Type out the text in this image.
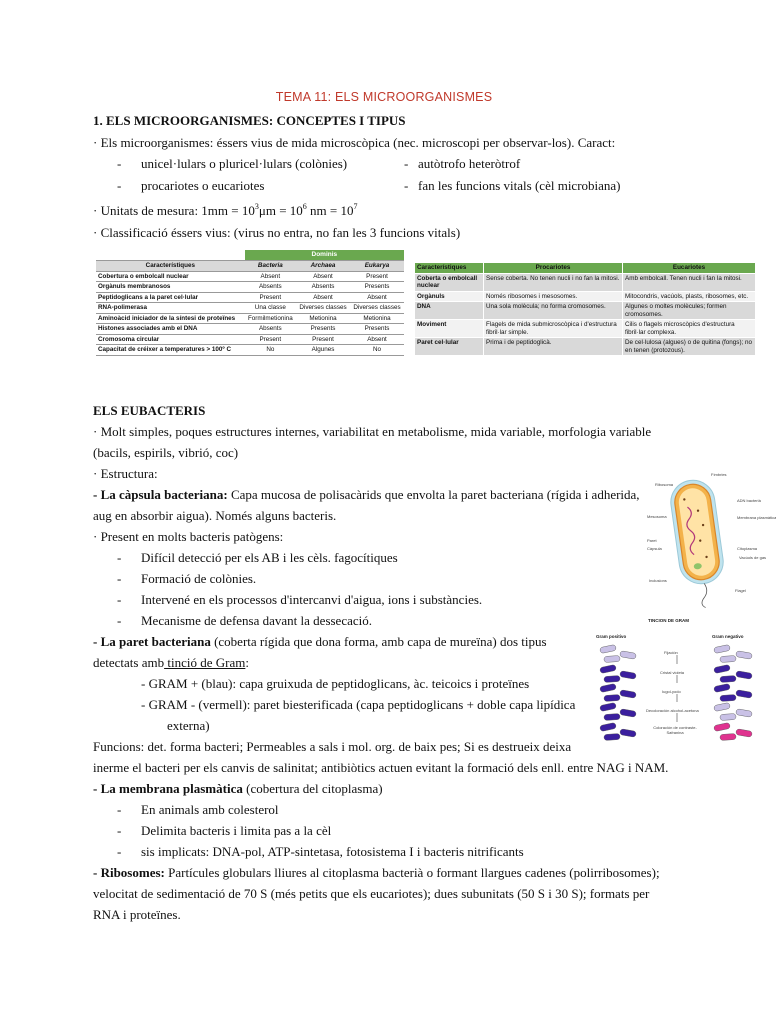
TEMA 11: ELS MICROORGANISMES
1. ELS MICROORGANISMES: CONCEPTES I TIPUS
· Els microorganismes: éssers vius de mida microscòpica (nec. microscopi per observar-los). Caract:
- unicel·lulars o pluricel·lulars (colònies)	- autòtrofo heteròtrof
- procariotes o eucariotes	- fan les funcions vitals (cèl microbiana)
· Unitats de mesura: $1mm = 10^3\mu m = 10^6$ nm = $10^7$
· Classificació éssers vius: (virus no entra, no fan les 3 funcions vitals)
	Dominis		
Característiques	Bacteria	Archaea	Eukarya
Cobertura o embolcall nuclear	Absent	Absent	Present
Orgànuls membranosos	Absents	Absents	Presents
Peptidoglicans a la paret cel·lular	Present	Absent	Absent
RNA-polimerasa	Una classe	Diverses classes	Diverses classes
Aminoàcid iniciador de la síntesi de proteïnes	Formilmetionina	Metionina	Metionina
Histones associades amb el DNA	Absents	Presents	Presents
Cromosoma circular	Present	Present	Absent
Capacitat de créixer a temperatures > 100º C	No	Algunes	No
Característiques	Procariotes	Eucariotes
Coberta o embolcall nuclear	Sense coberta. No tenen nucli i no fan la mitosi.	Amb embolcall. Tenen nucli i fan la mitosi.
Orgànuls	Només ribosomes i mesosomes.	Mitocondris, vacúols, plasts, ribosomes, etc.
DNA	Una sola molècula; no forma cromosomes.	Algunes o moltes molècules; formen cromosomes.
Moviment	Flagels de mida submicroscòpica i d'estructura fibril·lar simple.	Cilis o flagels microscòpics d'estructura fibril·lar complexa.
Paret cel·lular	Prima i de peptidoglicà.	De cel·lulosa (algues) o de quitina (fongs); no en tenen (protozous).
ELS EUBACTERIS
· Molt simples, poques estructures internes, variabilitat en metabolisme, mida variable, morfologia variable
(bacils, espirils, vibrió, coc)
· Estructura:
- La càpsula bacteriana: Capa mucosa de polisacàrids que envolta la paret bacteriana (rígida i adherida,
aug en absorbir aigua). Només alguns bacteris.
· Present en molts bacteris patògens:
- Difícil detecció per els AB i les cèls. fagocítiques
- Formació de colònies.
- Intervené en els processos d'intercanvi d'aigua, ions i substàncies.
- Mecanisme de defensa davant la dessecació.
- La paret bacteriana (coberta rígida que dona forma, amb capa de mureïna) dos tipus
detectats amb tinció de Gram:
- GRAM + (blau): capa gruixuda de peptidoglicans, àc. teicoics i proteïnes
- GRAM - (vermell): paret biesterificada (capa peptidoglicans + doble capa lipídica
externa)
Funcions: det. forma bacteri; Permeables a sals i mol. org. de baix pes; Si es destrueix deixa
inerme el bacteri per els canvis de salinitat; antibiòtics actuen evitant la formació dels enll. entre NAG i NAM.
- La membrana plasmàtica (cobertura del citoplasma)
- En animals amb colesterol
- Delimita bacteris i limita pas a la cèl
- sis implicats: DNA-pol, ATP-sintetasa, fotosistema I i bacteris nitrificants
- Ribosomes: Partícules globulars lliures al citoplasma bacterià o formant llargues cadenes (polirribosomes);
velocitat de sedimentació de 70 S (més petits que els eucariotes); dues subunitats (50 S i 30 S); formats per
RNA i proteïnes.
Fímbries
Ribosoma
ADN bacterià
Membrana plasmàtica
Mesosoma
Paret
Càpsula	Citoplasma
Vacúols de gas
Inclusions
Flagel
TINCION DE GRAM
Gram positivo	Gram negativo
Fijación
Cristal violeta
Iugol-yodo
Decoloración alcohol-acetona
Coloración de contraste- Safranina
